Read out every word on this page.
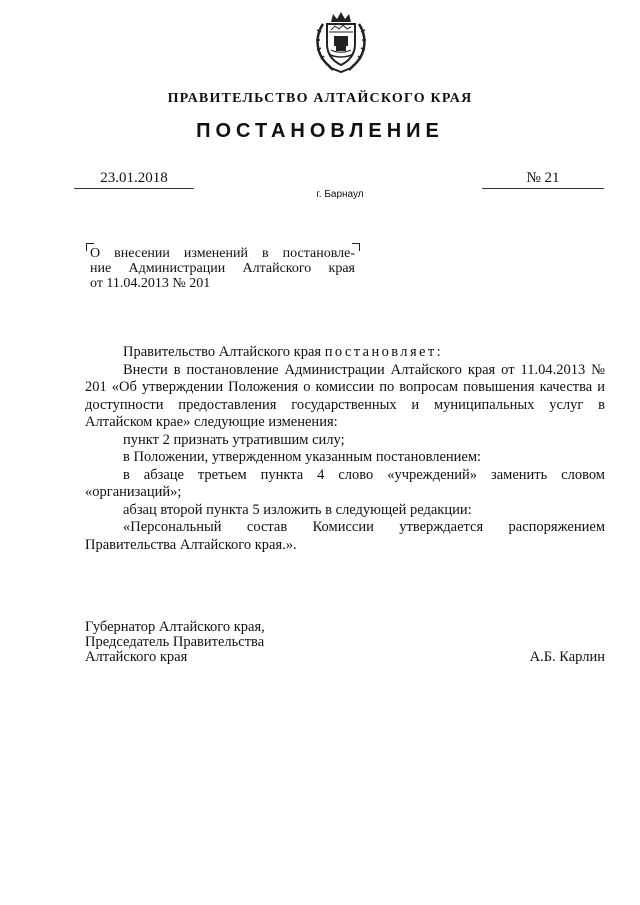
ПРАВИТЕЛЬСТВО АЛТАЙСКОГО КРАЯ
ПОСТАНОВЛЕНИЕ
23.01.2018	№ 21
г. Барнаул
О внесении изменений в постановле-
ние Администрации Алтайского края
от 11.04.2013 № 201

Правительство Алтайского края постановляет:

Внести в постановление Администрации Алтайского края от 11.04.2013 № 201 «Об утверждении Положения о комиссии по вопросам повышения качества и доступности предоставления государственных и муниципальных услуг в Алтайском крае» следующие изменения:

пункт 2 признать утратившим силу;

в Положении, утвержденном указанным постановлением:

в абзаце третьем пункта 4 слово «учреждений» заменить словом «организаций»;

абзац второй пункта 5 изложить в следующей редакции:

«Персональный состав Комиссии утверждается распоряжением Правительства Алтайского края.».

Губернатор Алтайского края,
Председатель Правительства
Алтайского края	А.Б. Карлин
